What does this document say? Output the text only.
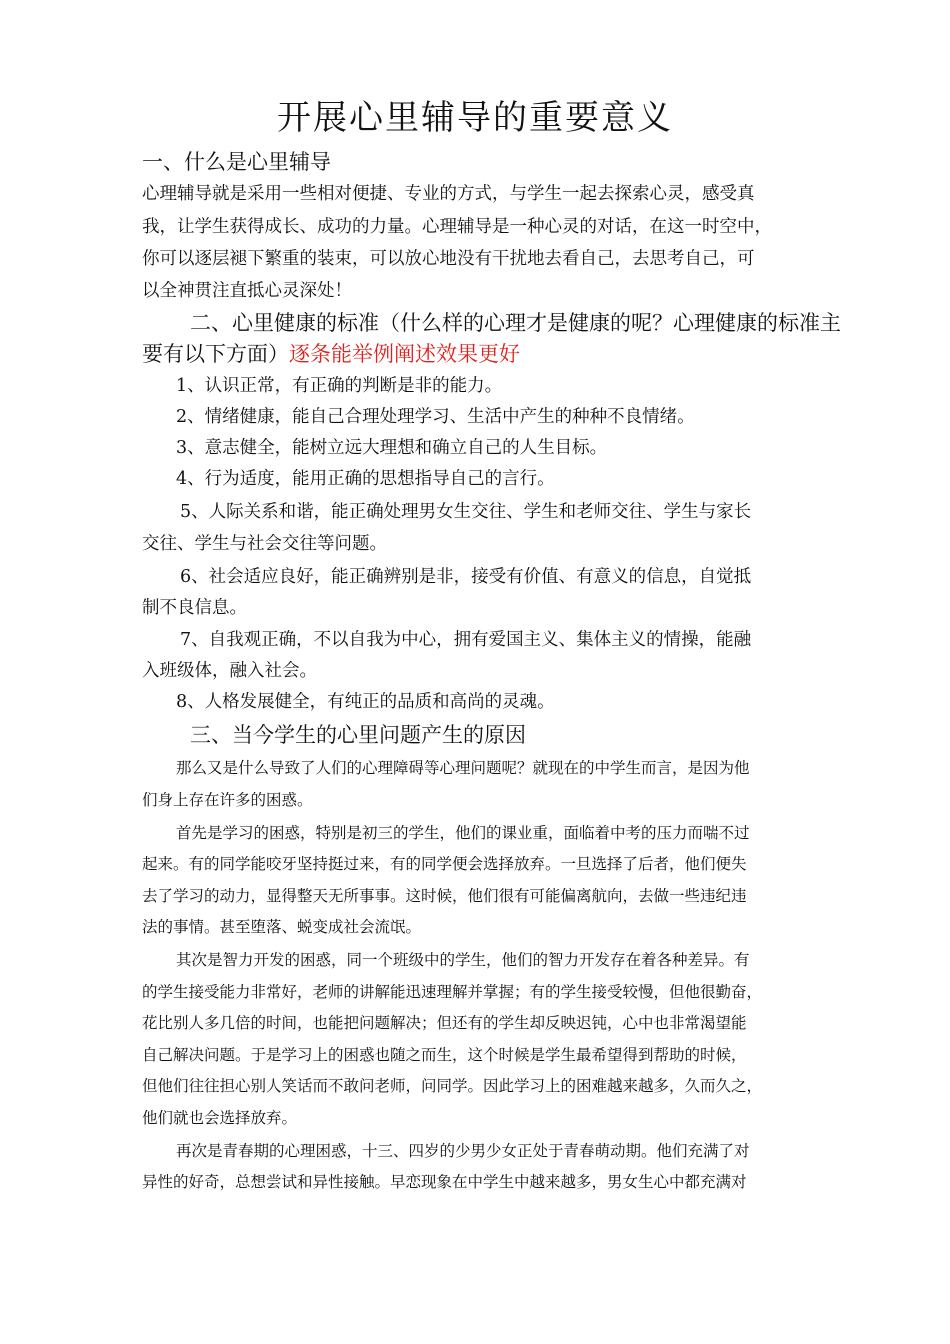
开展心里辅导的重要意义
一、什么是心里辅导
心理辅导就是采用一些相对便捷、专业的方式，与学生一起去探索心灵，感受真
我，让学生获得成长、成功的力量。心理辅导是一种心灵的对话，在这一时空中，
你可以逐层褪下繁重的装束，可以放心地没有干扰地去看自己，去思考自己，可
以全神贯注直抵心灵深处！
二、心里健康的标准（什么样的心理才是健康的呢？心理健康的标准主
要有以下方面）逐条能举例阐述效果更好
1、认识正常，有正确的判断是非的能力。
2、情绪健康，能自己合理处理学习、生活中产生的种种不良情绪。
3、意志健全，能树立远大理想和确立自己的人生目标。
4、行为适度，能用正确的思想指导自己的言行。
5、人际关系和谐，能正确处理男女生交往、学生和老师交往、学生与家长
交往、学生与社会交往等问题。
6、社会适应良好，能正确辨别是非，接受有价值、有意义的信息，自觉抵
制不良信息。
7、自我观正确，不以自我为中心，拥有爱国主义、集体主义的情操，能融
入班级体，融入社会。
8、人格发展健全，有纯正的品质和高尚的灵魂。
三、当今学生的心里问题产生的原因
那么又是什么导致了人们的心理障碍等心理问题呢？就现在的中学生而言，是因为他
们身上存在许多的困惑。
首先是学习的困惑，特别是初三的学生，他们的课业重，面临着中考的压力而喘不过
起来。有的同学能咬牙坚持挺过来，有的同学便会选择放弃。一旦选择了后者，他们便失
去了学习的动力，显得整天无所事事。这时候，他们很有可能偏离航向，去做一些违纪违
法的事情。甚至堕落、蜕变成社会流氓。
其次是智力开发的困惑，同一个班级中的学生，他们的智力开发存在着各种差异。有
的学生接受能力非常好，老师的讲解能迅速理解并掌握；有的学生接受较慢，但他很勤奋，
花比别人多几倍的时间，也能把问题解决；但还有的学生却反映迟钝，心中也非常渴望能
自己解决问题。于是学习上的困惑也随之而生，这个时候是学生最希望得到帮助的时候，
但他们往往担心别人笑话而不敢问老师，问同学。因此学习上的困难越来越多，久而久之，
他们就也会选择放弃。
再次是青春期的心理困惑，十三、四岁的少男少女正处于青春萌动期。他们充满了对
异性的好奇，总想尝试和异性接触。早恋现象在中学生中越来越多，男女生心中都充满对
